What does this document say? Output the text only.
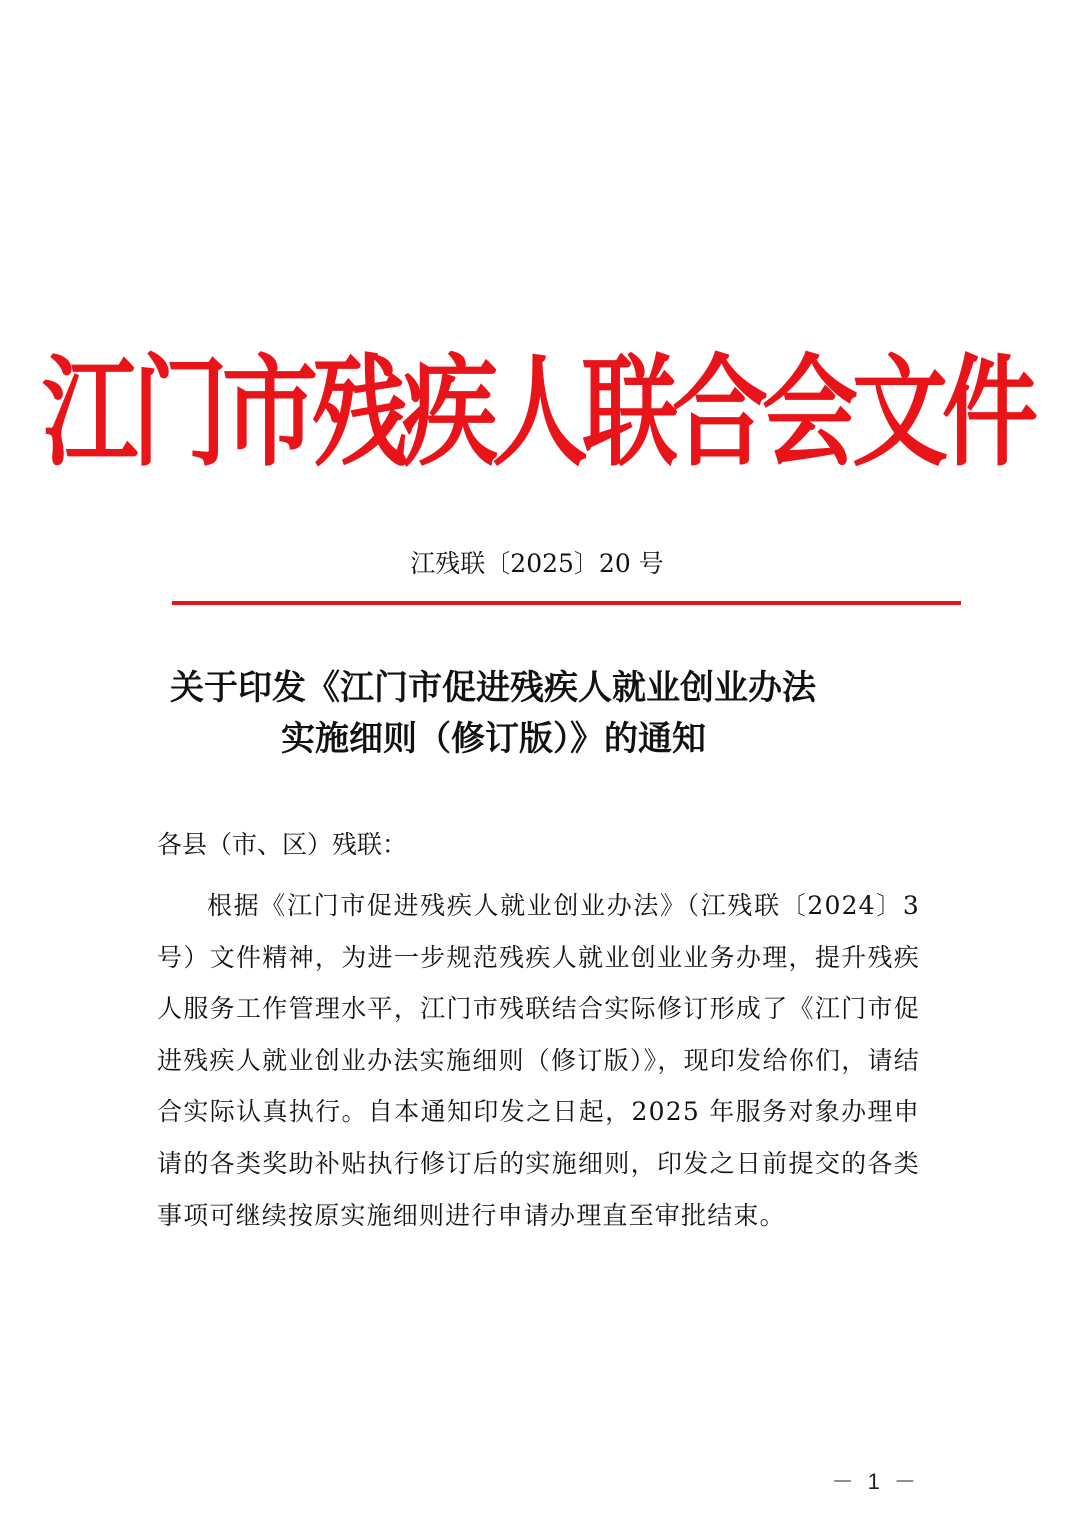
江门市残疾人联合会文件
江残联〔2025〕20 号
关于印发《江门市促进残疾人就业创业办法
实施细则（修订版）》的通知
各县（市、区）残联：
根据《江门市促进残疾人就业创业办法》（江残联〔2024〕3号）文件精神，为进一步规范残疾人就业创业业务办理，提升残疾人服务工作管理水平，江门市残联结合实际修订形成了《江门市促进残疾人就业创业办法实施细则（修订版）》，现印发给你们，请结合实际认真执行。自本通知印发之日起，2025 年服务对象办理申请的各类奖助补贴执行修订后的实施细则，印发之日前提交的各类事项可继续按原实施细则进行申请办理直至审批结束。
－ 1 －
